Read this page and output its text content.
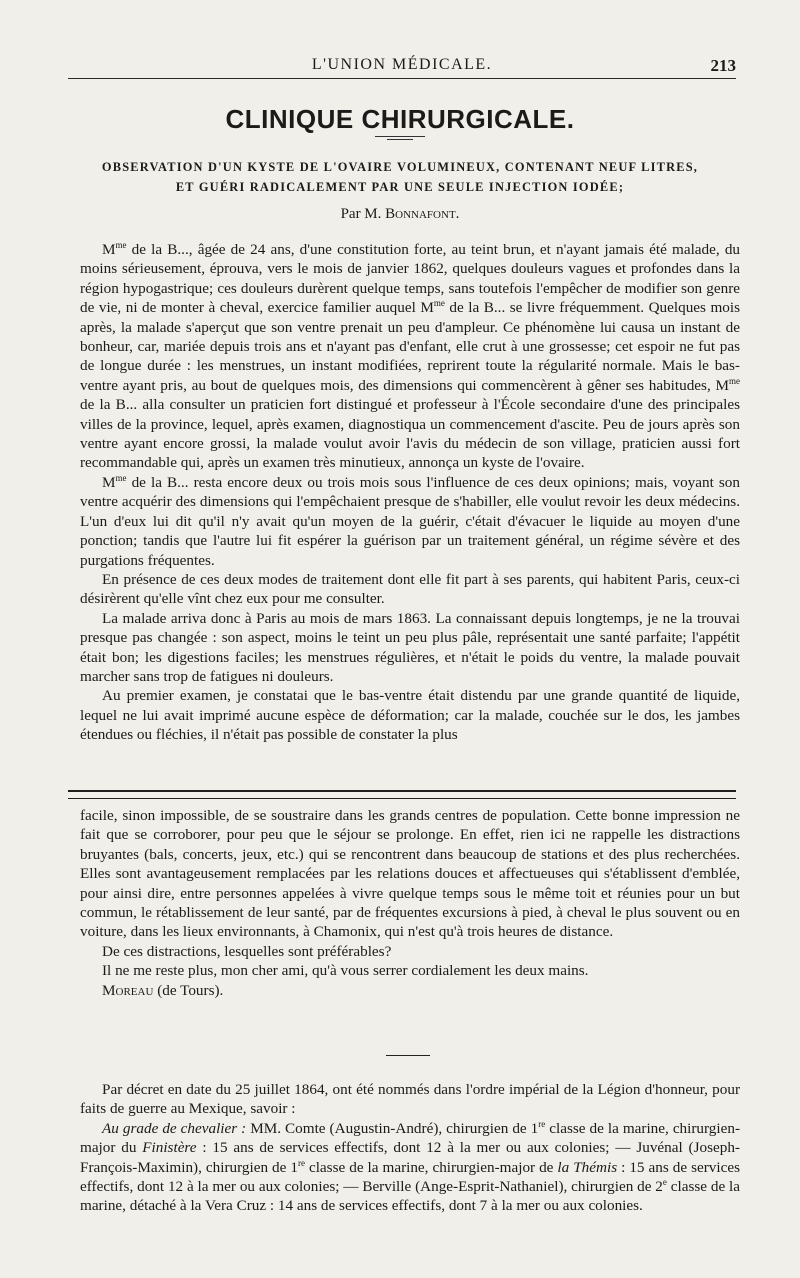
L'UNION MÉDICALE.	213
CLINIQUE CHIRURGICALE.
OBSERVATION D'UN KYSTE DE L'OVAIRE VOLUMINEUX, CONTENANT NEUF LITRES,
ET GUÉRI RADICALEMENT PAR UNE SEULE INJECTION IODÉE;
Par M. Bonnafont.

$M^{me}$ de la B..., âgée de 24 ans, d'une constitution forte, au teint brun, et n'ayant jamais été malade, du moins sérieusement, éprouva, vers le mois de janvier 1862, quelques douleurs vagues et profondes dans la région hypogastrique; ces douleurs durèrent quelque temps, sans toutefois l'empêcher de modifier son genre de vie, ni de monter à cheval, exercice familier auquel $M^{me}$ de la B... se livre fréquemment. Quelques mois après, la malade s'aperçut que son ventre prenait un peu d'ampleur. Ce phénomène lui causa un instant de bonheur, car, mariée depuis trois ans et n'ayant pas d'enfant, elle crut à une grossesse; cet espoir ne fut pas de longue durée : les menstrues, un instant modifiées, reprirent toute la régularité normale. Mais le bas-ventre ayant pris, au bout de quelques mois, des dimensions qui commencèrent à gêner ses habitudes, $M^{me}$ de la B... alla consulter un praticien fort distingué et professeur à l'École secondaire d'une des principales villes de la province, lequel, après examen, diagnostiqua un commencement d'ascite. Peu de jours après son ventre ayant encore grossi, la malade voulut avoir l'avis du médecin de son village, praticien aussi fort recommandable qui, après un examen très minutieux, annonça un kyste de l'ovaire.

$M^{me}$ de la B... resta encore deux ou trois mois sous l'influence de ces deux opinions; mais, voyant son ventre acquérir des dimensions qui l'empêchaient presque de s'habiller, elle voulut revoir les deux médecins. L'un d'eux lui dit qu'il n'y avait qu'un moyen de la guérir, c'était d'évacuer le liquide au moyen d'une ponction; tandis que l'autre lui fit espérer la guérison par un traitement général, un régime sévère et des purgations fréquentes.

En présence de ces deux modes de traitement dont elle fit part à ses parents, qui habitent Paris, ceux-ci désirèrent qu'elle vînt chez eux pour me consulter.

La malade arriva donc à Paris au mois de mars 1863. La connaissant depuis longtemps, je ne la trouvai presque pas changée : son aspect, moins le teint un peu plus pâle, représentait une santé parfaite; l'appétit était bon; les digestions faciles; les menstrues régulières, et n'était le poids du ventre, la malade pouvait marcher sans trop de fatigues ni douleurs.

Au premier examen, je constatai que le bas-ventre était distendu par une grande quantité de liquide, lequel ne lui avait imprimé aucune espèce de déformation; car la malade, couchée sur le dos, les jambes étendues ou fléchies, il n'était pas possible de constater la plus

facile, sinon impossible, de se soustraire dans les grands centres de population. Cette bonne impression ne fait que se corroborer, pour peu que le séjour se prolonge. En effet, rien ici ne rappelle les distractions bruyantes (bals, concerts, jeux, etc.) qui se rencontrent dans beaucoup de stations et des plus recherchées. Elles sont avantageusement remplacées par les relations douces et affectueuses qui s'établissent d'emblée, pour ainsi dire, entre personnes appelées à vivre quelque temps sous le même toit et réunies pour un but commun, le rétablissement de leur santé, par de fréquentes excursions à pied, à cheval le plus souvent ou en voiture, dans les lieux environnants, à Chamonix, qui n'est qu'à trois heures de distance.

De ces distractions, lesquelles sont préférables?

Il ne me reste plus, mon cher ami, qu'à vous serrer cordialement les deux mains.

Moreau (de Tours).

Par décret en date du 25 juillet 1864, ont été nommés dans l'ordre impérial de la Légion d'honneur, pour faits de guerre au Mexique, savoir :

Au grade de chevalier : MM. Comte (Augustin-André), chirurgien de 1re classe de la marine, chirurgien-major du Finistère : 15 ans de services effectifs, dont 12 à la mer ou aux colonies; — Juvénal (Joseph-François-Maximin), chirurgien de 1re classe de la marine, chirurgien-major de la Thémis : 15 ans de services effectifs, dont 12 à la mer ou aux colonies; — Berville (Ange-Esprit-Nathaniel), chirurgien de 2e classe de la marine, détaché à la Vera Cruz : 14 ans de services effectifs, dont 7 à la mer ou aux colonies.
